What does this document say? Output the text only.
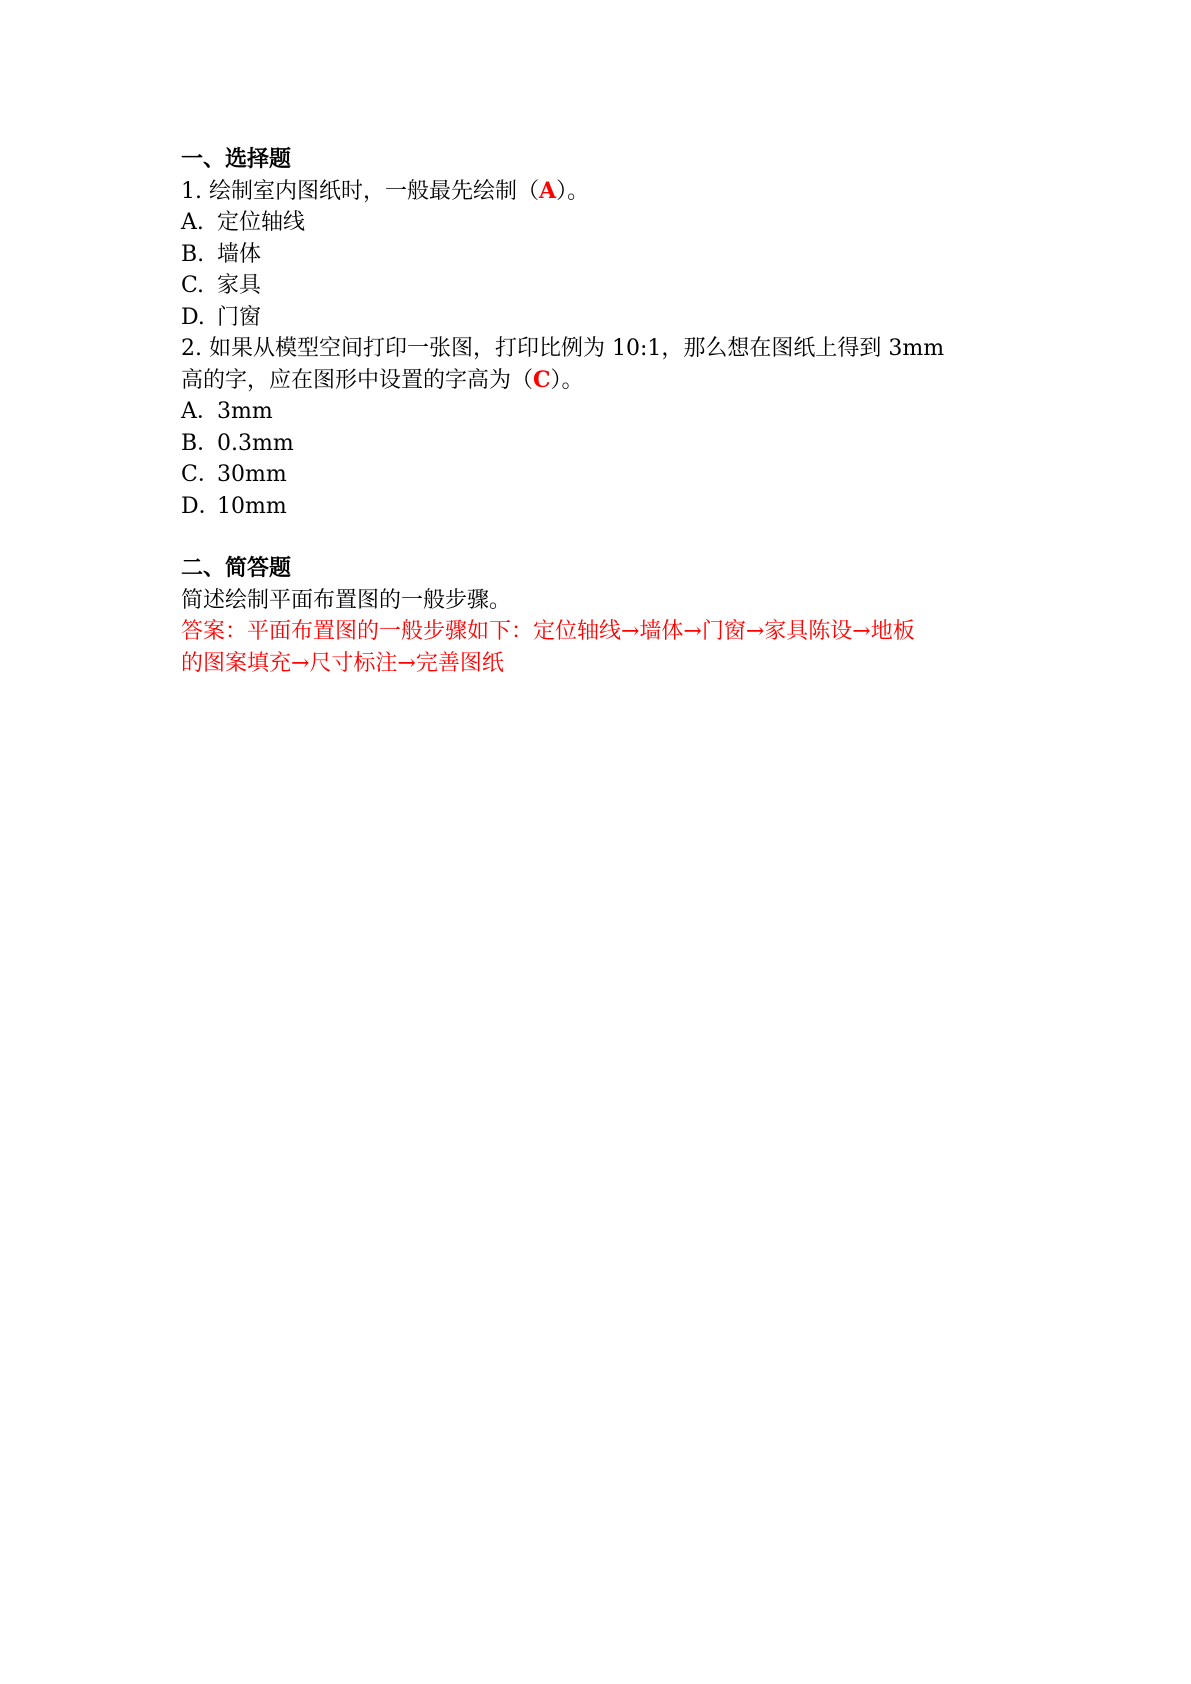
一、选择题

1. 绘制室内图纸时，一般最先绘制（A）。

A. 定位轴线

B. 墙体

C. 家具

D. 门窗

2. 如果从模型空间打印一张图，打印比例为 10:1，那么想在图纸上得到 3mm

高的字，应在图形中设置的字高为（C）。

A．3mm

B．0.3mm

C．30mm

D．10mm

二、简答题

简述绘制平面布置图的一般步骤。

答案：平面布置图的一般步骤如下：定位轴线→墙体→门窗→家具陈设→地板

的图案填充→尺寸标注→完善图纸
